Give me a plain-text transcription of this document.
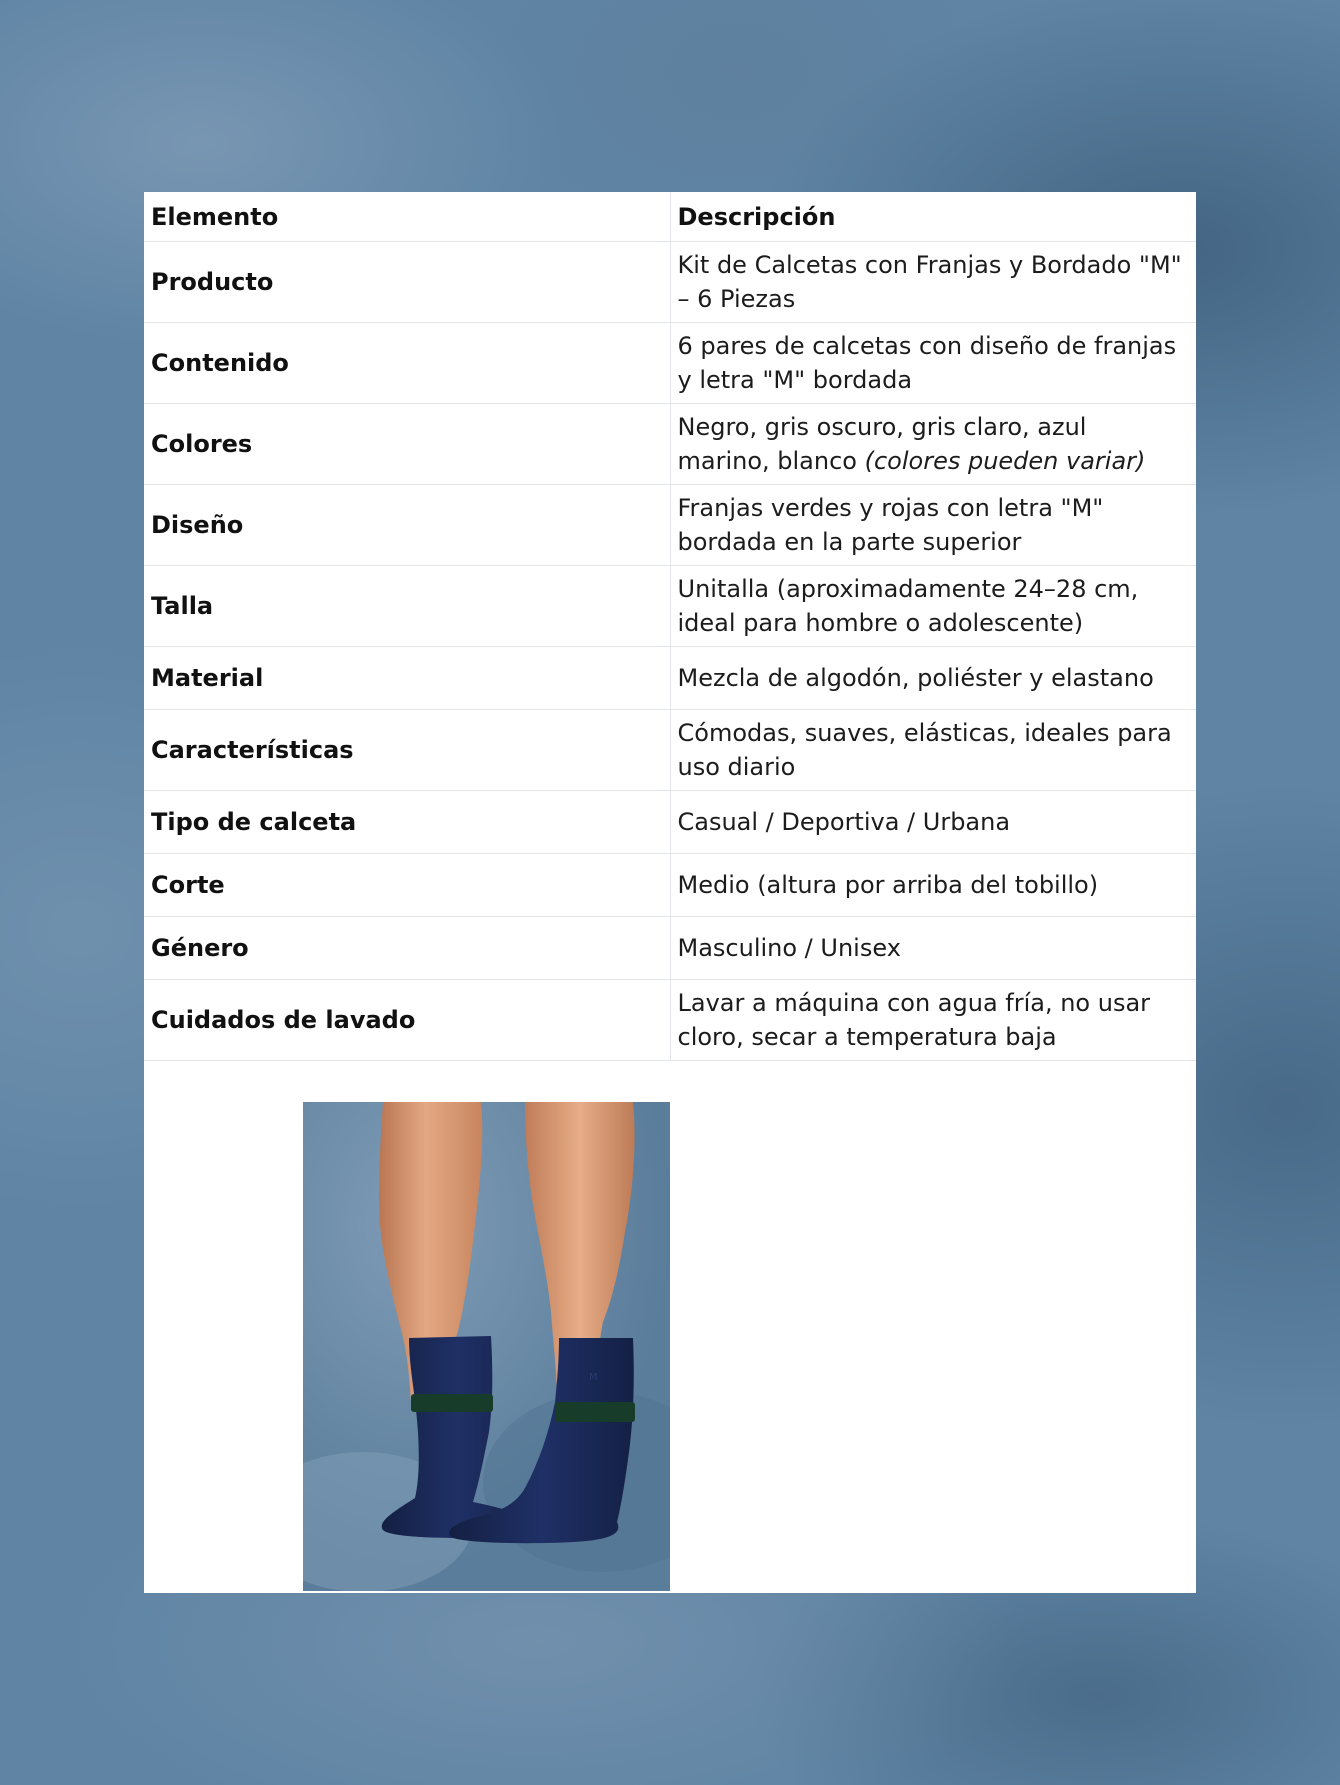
Elemento	Descripción
Producto	Kit de Calcetas con Franjas y Bordado "M" – 6 Piezas
Contenido	6 pares de calcetas con diseño de franjas y letra "M" bordada
Colores	Negro, gris oscuro, gris claro, azul marino, blanco (colores pueden variar)
Diseño	Franjas verdes y rojas con letra "M" bordada en la parte superior
Talla	Unitalla (aproximadamente 24–28 cm, ideal para hombre o adolescente)
Material	Mezcla de algodón, poliéster y elastano
Características	Cómodas, suaves, elásticas, ideales para uso diario
Tipo de calceta	Casual / Deportiva / Urbana
Corte	Medio (altura por arriba del tobillo)
Género	Masculino / Unisex
Cuidados de lavado	Lavar a máquina con agua fría, no usar cloro, secar a temperatura baja
M
